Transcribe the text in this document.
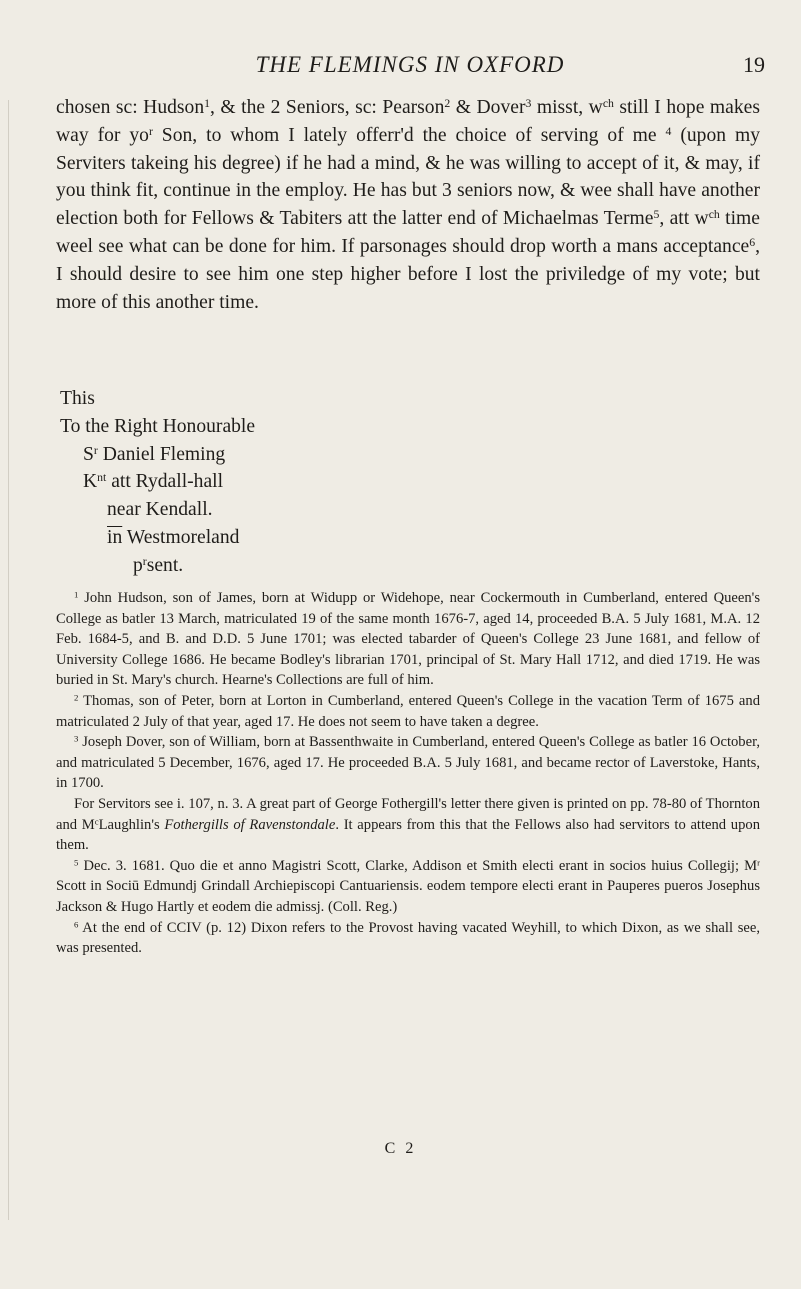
THE FLEMINGS IN OXFORD	19

chosen sc: Hudson$^1$, & the 2 Seniors, sc: Pearson$^2$ & Dover$^3$ misst, $w^{ch}$ still I hope makes way for $yo^r$ Son, to whom I lately offerr'd the choice of serving of me $^4$ (upon my Serviters takeing his degree) if he had a mind, & he was willing to accept of it, & may, if you think fit, continue in the employ. He has but 3 seniors now, & wee shall have another election both for Fellows & Tabiters att the latter end of Michaelmas Terme$^5$, att $w^{ch}$ time weel see what can be done for him. If parsonages should drop worth a mans acceptance$^6$, I should desire to see him one step higher before I lost the priviledge of my vote; but more of this another time.

This
To the Right Honourable
$S^r$ Daniel Fleming
$K^{nt}$ att Rydall-hall
near Kendall.
$\overline{in}$ Westmoreland
$p^rsent$.

$^1$ John Hudson, son of James, born at Widupp or Widehope, near Cockermouth in Cumberland, entered Queen's College as batler 13 March, matriculated 19 of the same month 1676-7, aged 14, proceeded B.A. 5 July 1681, M.A. 12 Feb. 1684-5, and B. and D.D. 5 June 1701; was elected tabarder of Queen's College 23 June 1681, and fellow of University College 1686. He became Bodley's librarian 1701, principal of St. Mary Hall 1712, and died 1719. He was buried in St. Mary's church. Hearne's Collections are full of him.

$^2$ Thomas, son of Peter, born at Lorton in Cumberland, entered Queen's College in the vacation Term of 1675 and matriculated 2 July of that year, aged 17. He does not seem to have taken a degree.

$^3$ Joseph Dover, son of William, born at Bassenthwaite in Cumberland, entered Queen's College as batler 16 October, and matriculated 5 December, 1676, aged 17. He proceeded B.A. 5 July 1681, and became rector of Laverstoke, Hants, in 1700.

For Servitors see i. 107, n. 3. A great part of George Fothergill's letter there given is printed on pp. 78-80 of Thornton and $M^cLaughlin's$ Fothergills of Ravenstondale. It appears from this that the Fellows also had servitors to attend upon them.

$^5$ Dec. 3. 1681. Quo die et anno Magistri Scott, Clarke, Addison et Smith electi erant in socios huius Collegij; $M^r$ Scott in Sociū Edmundj Grindall Archiepiscopi Cantuariensis. eodem tempore electi erant in Pauperes pueros Josephus Jackson & Hugo Hartly et eodem die admissj. (Coll. Reg.)

$^6$ At the end of CCIV (p. 12) Dixon refers to the Provost having vacated Weyhill, to which Dixon, as we shall see, was presented.

C 2
